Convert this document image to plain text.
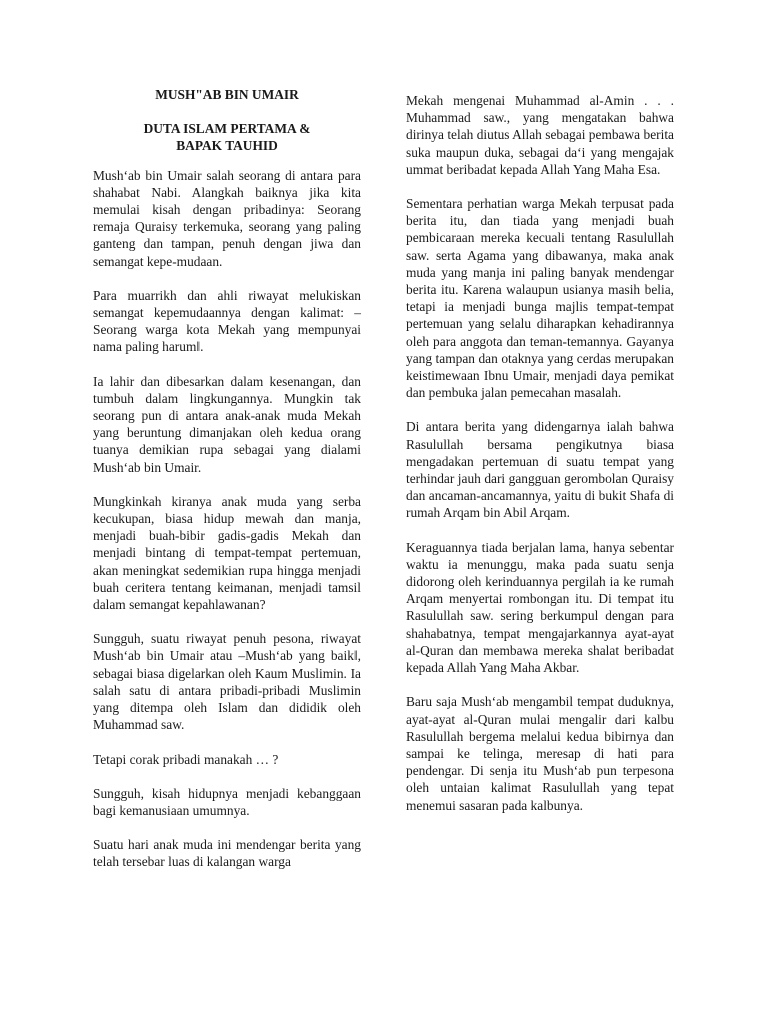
MUSH"AB BIN UMAIR

DUTA ISLAM PERTAMA &

BAPAK TAUHID

Mush‘ab bin Umair salah seorang di antara para shahabat Nabi. Alangkah baiknya jika kita memulai kisah dengan pribadinya: Seorang remaja Quraisy terkemuka, seorang yang paling ganteng dan tampan, penuh dengan jiwa dan semangat kepe-mudaan.

Para muarrikh dan ahli riwayat melukiskan semangat kepemudaannya dengan kalimat: –Seorang warga kota Mekah yang mempunyai nama paling harum‖.

Ia lahir dan dibesarkan dalam kesenangan, dan tumbuh dalam lingkungannya. Mungkin tak seorang pun di antara anak-anak muda Mekah yang beruntung dimanjakan oleh kedua orang tuanya demikian rupa sebagai yang dialami Mush‘ab bin Umair.

Mungkinkah kiranya anak muda yang serba kecukupan, biasa hidup mewah dan manja, menjadi buah-bibir gadis-gadis Mekah dan menjadi bintang di tempat-tempat pertemuan, akan meningkat sedemikian rupa hingga menjadi buah ceritera tentang keimanan, menjadi tamsil dalam semangat kepahlawanan?

Sungguh, suatu riwayat penuh pesona, riwayat Mush‘ab bin Umair atau –Mush‘ab yang baik‖, sebagai biasa digelarkan oleh Kaum Muslimin. Ia salah satu di antara pribadi-pribadi Muslimin yang ditempa oleh Islam dan dididik oleh Muhammad saw.

Tetapi corak pribadi manakah … ?

Sungguh, kisah hidupnya menjadi kebanggaan bagi kemanusiaan umumnya.

Suatu hari anak muda ini mendengar berita yang telah tersebar luas di kalangan warga

Mekah mengenai Muhammad al-Amin . . . Muhammad saw., yang mengatakan bahwa dirinya telah diutus Allah sebagai pembawa berita suka maupun duka, sebagai da‘i yang mengajak ummat beribadat kepada Allah Yang Maha Esa.

Sementara perhatian warga Mekah terpusat pada berita itu, dan tiada yang menjadi buah pembicaraan mereka kecuali tentang Rasulullah saw. serta Agama yang dibawanya, maka anak muda yang manja ini paling banyak mendengar berita itu. Karena walaupun usianya masih belia, tetapi ia menjadi bunga majlis tempat-tempat pertemuan yang selalu diharapkan kehadirannya oleh para anggota dan teman-temannya. Gayanya yang tampan dan otaknya yang cerdas merupakan keistimewaan Ibnu Umair, menjadi daya pemikat dan pembuka jalan pemecahan masalah.

Di antara berita yang didengarnya ialah bahwa Rasulullah bersama pengikutnya biasa mengadakan pertemuan di suatu tempat yang terhindar jauh dari gangguan gerombolan Quraisy dan ancaman-ancamannya, yaitu di bukit Shafa di rumah Arqam bin Abil Arqam.

Keraguannya tiada berjalan lama, hanya sebentar waktu ia menunggu, maka pada suatu senja didorong oleh kerinduannya pergilah ia ke rumah Arqam menyertai rombongan itu. Di tempat itu Rasulullah saw. sering berkumpul dengan para shahabatnya, tempat mengajarkannya ayat-ayat al-Quran dan membawa mereka shalat beribadat kepada Allah Yang Maha Akbar.

Baru saja Mush‘ab mengambil tempat duduknya, ayat-ayat al-Quran mulai mengalir dari kalbu Rasulullah bergema melalui kedua bibirnya dan sampai ke telinga, meresap di hati para pendengar. Di senja itu Mush‘ab pun terpesona oleh untaian kalimat Rasulullah yang tepat menemui sasaran pada kalbunya.
